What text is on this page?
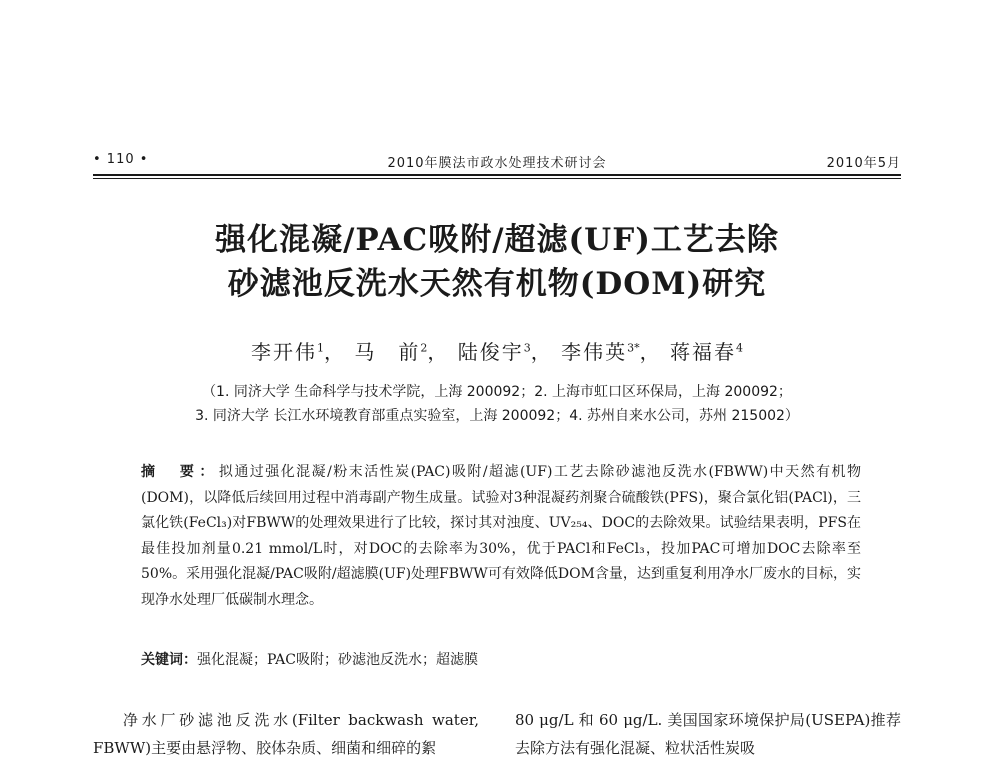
• 110 •	2010年膜法市政水处理技术研讨会	2010年5月
强化混凝/PAC吸附/超滤(UF)工艺去除
砂滤池反洗水天然有机物(DOM)研究
李开伟$^1$， 马　前$^2$， 陆俊宇$^3$， 李伟英$^{3*}$， 蒋福春$^4$
（1. 同济大学 生命科学与技术学院，上海 200092；2. 上海市虹口区环保局，上海 200092；
3. 同济大学 长江水环境教育部重点实验室，上海 200092；4. 苏州自来水公司，苏州 215002）
摘　要：拟通过强化混凝/粉末活性炭(PAC)吸附/超滤(UF)工艺去除砂滤池反洗水(FBWW)中天然有机物(DOM)，以降低后续回用过程中消毒副产物生成量。试验对3种混凝药剂聚合硫酸铁(PFS)，聚合氯化铝(PACl)，三氯化铁(FeCl₃)对FBWW的处理效果进行了比较，探讨其对浊度、UV₂₅₄、DOC的去除效果。试验结果表明，PFS在最佳投加剂量0.21 mmol/L时，对DOC的去除率为30%，优于PACl和FeCl₃，投加PAC可增加DOC去除率至50%。采用强化混凝/PAC吸附/超滤膜(UF)处理FBWW可有效降低DOM含量，达到重复利用净水厂废水的目标，实现净水处理厂低碳制水理念。
关键词：强化混凝；PAC吸附；砂滤池反洗水；超滤膜

净水厂砂滤池反洗水(Filter backwash water, FBWW)主要由悬浮物、胶体杂质、细菌和细碎的絮

80 μg/L 和 60 μg/L. 美国国家环境保护局(USEPA)推荐去除方法有强化混凝、粒状活性炭吸
